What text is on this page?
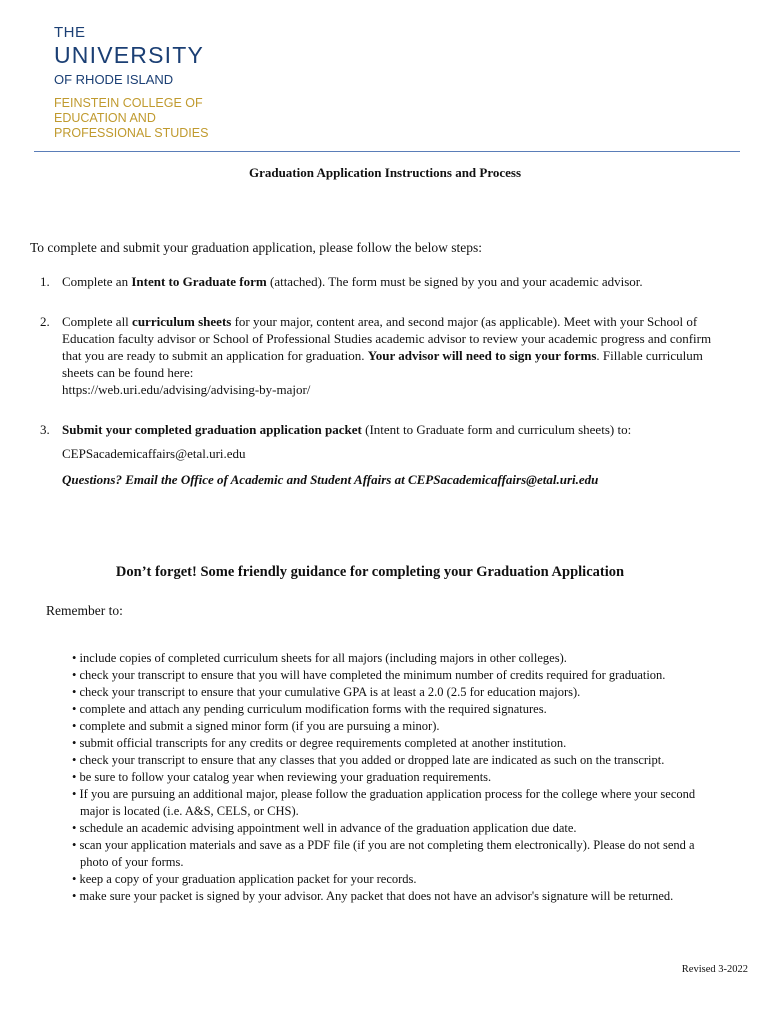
THE
UNIVERSITY
OF RHODE ISLAND
FEINSTEIN COLLEGE OF EDUCATION AND PROFESSIONAL STUDIES
Graduation Application Instructions and Process
To complete and submit your graduation application, please follow the below steps:
1. Complete an Intent to Graduate form (attached). The form must be signed by you and your academic advisor.
2. Complete all curriculum sheets for your major, content area, and second major (as applicable). Meet with your School of Education faculty advisor or School of Professional Studies academic advisor to review your academic progress and confirm that you are ready to submit an application for graduation. Your advisor will need to sign your forms. Fillable curriculum sheets can be found here:
https://web.uri.edu/advising/advising-by-major/
3. Submit your completed graduation application packet (Intent to Graduate form and curriculum sheets) to:
CEPSacademicaffairs@etal.uri.edu
Questions? Email the Office of Academic and Student Affairs at CEPSacademicaffairs@etal.uri.edu
Don’t forget! Some friendly guidance for completing your Graduation Application
Remember to:
• include copies of completed curriculum sheets for all majors (including majors in other colleges).
• check your transcript to ensure that you will have completed the minimum number of credits required for graduation.
• check your transcript to ensure that your cumulative GPA is at least a 2.0 (2.5 for education majors).
• complete and attach any pending curriculum modification forms with the required signatures.
• complete and submit a signed minor form (if you are pursuing a minor).
• submit official transcripts for any credits or degree requirements completed at another institution.
• check your transcript to ensure that any classes that you added or dropped late are indicated as such on the transcript.
• be sure to follow your catalog year when reviewing your graduation requirements.
• If you are pursuing an additional major, please follow the graduation application process for the college where your second major is located (i.e. A&S, CELS, or CHS).
• schedule an academic advising appointment well in advance of the graduation application due date.
• scan your application materials and save as a PDF file (if you are not completing them electronically). Please do not send a photo of your forms.
• keep a copy of your graduation application packet for your records.
• make sure your packet is signed by your advisor. Any packet that does not have an advisor's signature will be returned.
Revised 3-2022
